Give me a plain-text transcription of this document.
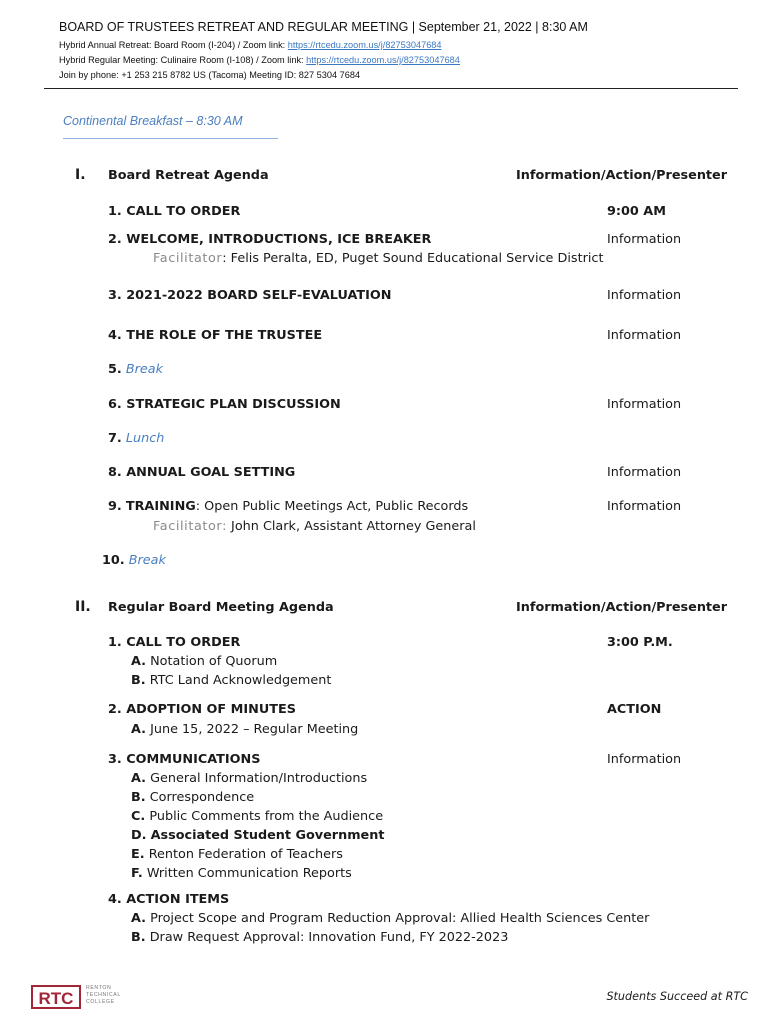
BOARD OF TRUSTEES RETREAT AND REGULAR MEETING | September 21, 2022 | 8:30 AM
Hybrid Annual Retreat: Board Room (I-204) / Zoom link: https://rtcedu.zoom.us/j/82753047684
Hybrid Regular Meeting: Culinaire Room (I-108) / Zoom link: https://rtcedu.zoom.us/j/82753047684
Join by phone: +1 253 215 8782 US (Tacoma) Meeting ID: 827 5304 7684
Continental Breakfast – 8:30 AM
I. Board Retreat Agenda	Information/Action/Presenter
1. CALL TO ORDER	9:00 AM
2. WELCOME, INTRODUCTIONS, ICE BREAKER	Information
Facilitator: Felis Peralta, ED, Puget Sound Educational Service District
3. 2021-2022 BOARD SELF-EVALUATION	Information
4. THE ROLE OF THE TRUSTEE	Information
5. Break
6. STRATEGIC PLAN DISCUSSION	Information
7. Lunch
8. ANNUAL GOAL SETTING	Information
9. TRAINING: Open Public Meetings Act, Public Records	Information
Facilitator: John Clark, Assistant Attorney General
10. Break
II. Regular Board Meeting Agenda	Information/Action/Presenter
1. CALL TO ORDER	3:00 P.M.
A. Notation of Quorum
B. RTC Land Acknowledgement
2. ADOPTION OF MINUTES	ACTION
A. June 15, 2022 – Regular Meeting
3. COMMUNICATIONS	Information
A. General Information/Introductions
B. Correspondence
C. Public Comments from the Audience
D. Associated Student Government
E. Renton Federation of Teachers
F. Written Communication Reports
4. ACTION ITEMS
A. Project Scope and Program Reduction Approval: Allied Health Sciences Center
B. Draw Request Approval: Innovation Fund, FY 2022-2023
RTC
RENTON
TECHNICAL
COLLEGE	Students Succeed at RTC
